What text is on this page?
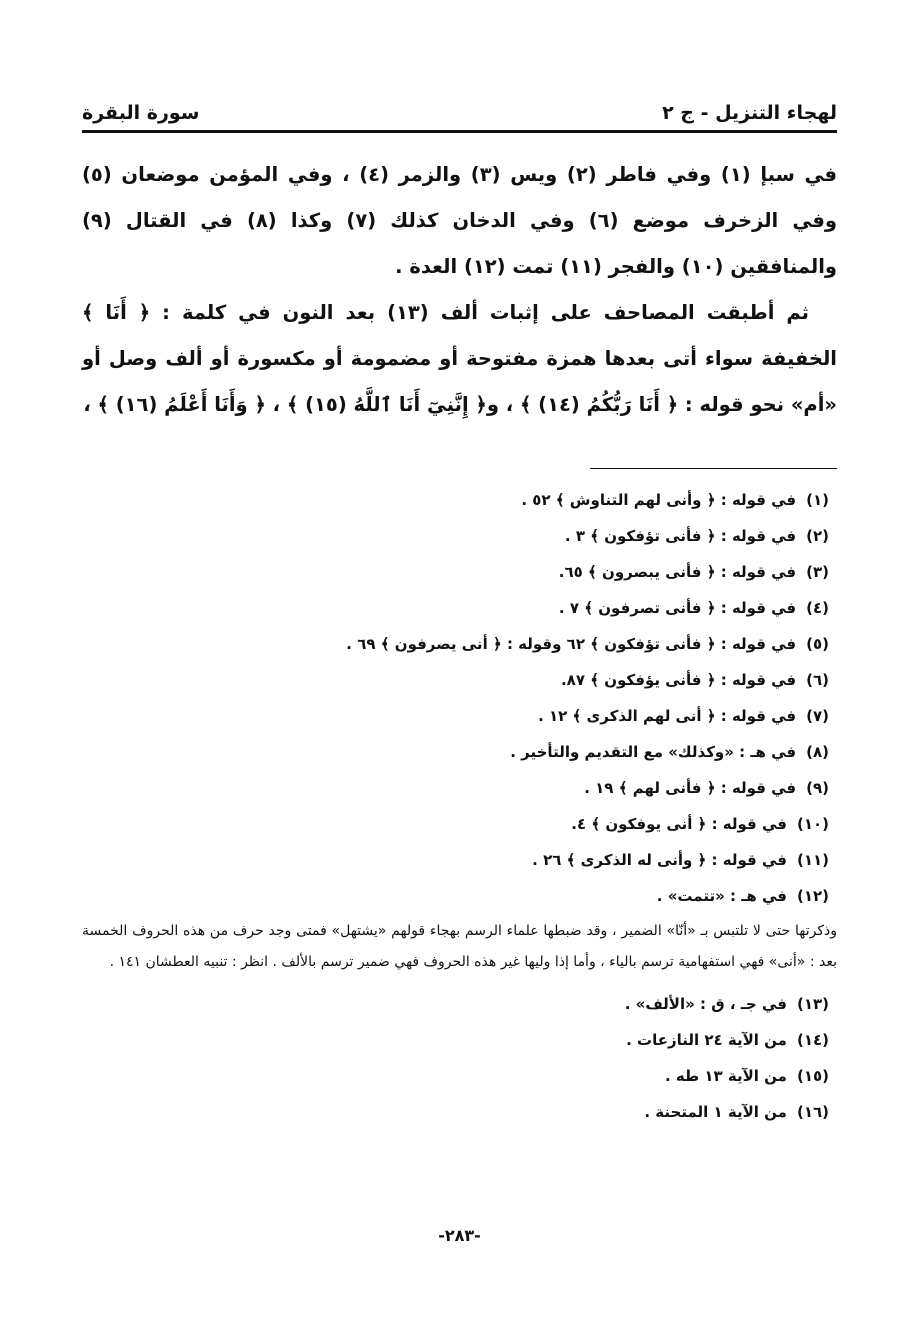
لهجاء التنزيل - ج ٢
سورة البقرة

في سبإ (١) وفي فاطر (٢) ويس (٣) والزمر (٤) ، وفي المؤمن موضعان (٥) وفي الزخرف موضع (٦) وفي الدخان كذلك (٧) وكذا (٨) في القتال (٩) والمنافقين (١٠) والفجر (١١) تمت (١٢) العدة .

ثم أطبقت المصاحف على إثبات ألف (١٣) بعد النون في كلمة : ﴿ أَنَا ﴾ الخفيفة سواء أتى بعدها همزة مفتوحة أو مضمومة أو مكسورة أو ألف وصل أو «أم» نحو قوله : ﴿ أَنَا رَبُّكُمُ (١٤) ﴾ ، و﴿ إِنَّنِيٓ أَنَا ٱللَّهُ (١٥) ﴾ ، ﴿ وَأَنَا أَعْلَمُ (١٦) ﴾ ،

(١)في قوله : ﴿ وأنى لهم التناوش ﴾ ٥٢ .
(٢)في قوله : ﴿ فأنى تؤفكون ﴾ ٣ .
(٣)في قوله : ﴿ فأنى يبصرون ﴾ ٦٥.
(٤)في قوله : ﴿ فأنى تصرفون ﴾ ٧ .
(٥)في قوله : ﴿ فأنى تؤفكون ﴾ ٦٢ وقوله : ﴿ أنى يصرفون ﴾ ٦٩ .
(٦)في قوله : ﴿ فأنى يؤفكون ﴾ ٨٧.
(٧)في قوله : ﴿ أنى لهم الذكرى ﴾ ١٢ .
(٨)في هـ : «وكذلك» مع التقديم والتأخير .
(٩)في قوله : ﴿ فأنى لهم ﴾ ١٩ .
(١٠)في قوله : ﴿ أنى يوفكون ﴾ ٤.
(١١)في قوله : ﴿ وأنى له الذكرى ﴾ ٢٦ .
(١٢)في هـ : «تتمت» .

وذكرتها حتى لا تلتبس بـ «أنّا» الضمير ، وقد ضبطها علماء الرسم بهجاء قولهم «يشتهل» فمتى وجد حرف من هذه الحروف الخمسة بعد : «أنى» فهي استفهامية ترسم بالياء ، وأما إذا وليها غير هذه الحروف فهي ضمير ترسم بالألف . انظر : تنبيه العطشان ١٤١ .

(١٣)في جـ ، ق : «الألف» .
(١٤)من الآية ٢٤ النازعات .
(١٥)من الآية ١٣ طه .
(١٦)من الآية ١ المتحنة .
-٢٨٣-
